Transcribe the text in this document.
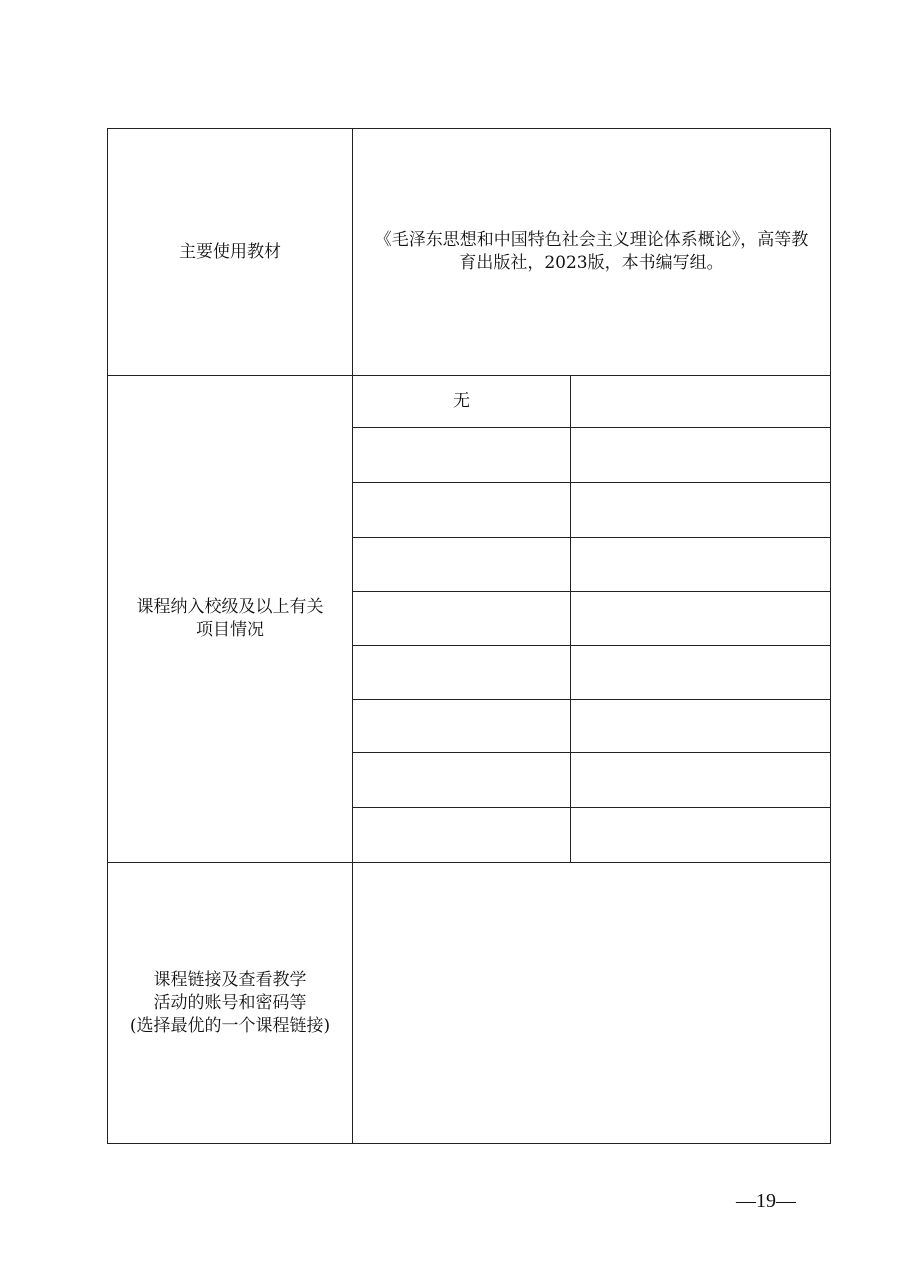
主要使用教材	《毛泽东思想和中国特色社会主义理论体系概论》，高等教
育出版社，2023版，本书编写组。	

课程纳入校级及以上有关
项目情况	无	

课程链接及查看教学
活动的账号和密码等
(选择最优的一个课程链接)		

—19—
